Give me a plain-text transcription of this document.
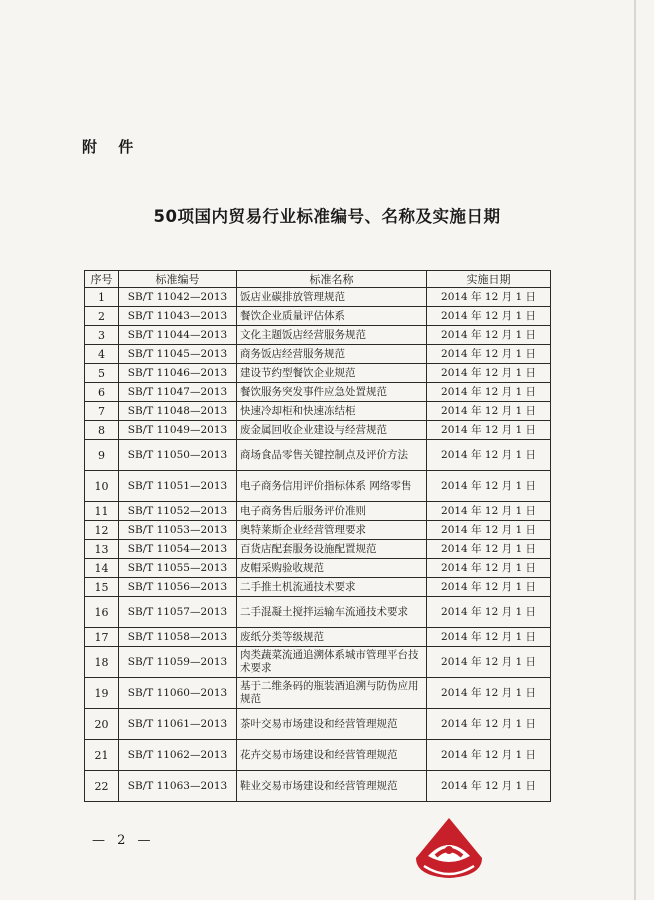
附 件
50项国内贸易行业标准编号、名称及实施日期
序号	标准编号	标准名称	实施日期
1	SB/T 11042—2013	饭店业碳排放管理规范	2014 年 12 月 1 日
2	SB/T 11043—2013	餐饮企业质量评估体系	2014 年 12 月 1 日
3	SB/T 11044—2013	文化主题饭店经营服务规范	2014 年 12 月 1 日
4	SB/T 11045—2013	商务饭店经营服务规范	2014 年 12 月 1 日
5	SB/T 11046—2013	建设节约型餐饮企业规范	2014 年 12 月 1 日
6	SB/T 11047—2013	餐饮服务突发事件应急处置规范	2014 年 12 月 1 日
7	SB/T 11048—2013	快速冷却柜和快速冻结柜	2014 年 12 月 1 日
8	SB/T 11049—2013	废金属回收企业建设与经营规范	2014 年 12 月 1 日
9	SB/T 11050—2013	商场食品零售关键控制点及评价方法	2014 年 12 月 1 日
10	SB/T 11051—2013	电子商务信用评价指标体系 网络零售	2014 年 12 月 1 日
11	SB/T 11052—2013	电子商务售后服务评价准则	2014 年 12 月 1 日
12	SB/T 11053—2013	奥特莱斯企业经营管理要求	2014 年 12 月 1 日
13	SB/T 11054—2013	百货店配套服务设施配置规范	2014 年 12 月 1 日
14	SB/T 11055—2013	皮帽采购验收规范	2014 年 12 月 1 日
15	SB/T 11056—2013	二手推土机流通技术要求	2014 年 12 月 1 日
16	SB/T 11057—2013	二手混凝土搅拌运输车流通技术要求	2014 年 12 月 1 日
17	SB/T 11058—2013	废纸分类等级规范	2014 年 12 月 1 日
18	SB/T 11059—2013	肉类蔬菜流通追溯体系城市管理平台技术要求	2014 年 12 月 1 日
19	SB/T 11060—2013	基于二维条码的瓶装酒追溯与防伪应用规范	2014 年 12 月 1 日
20	SB/T 11061—2013	茶叶交易市场建设和经营管理规范	2014 年 12 月 1 日
21	SB/T 11062—2013	花卉交易市场建设和经营管理规范	2014 年 12 月 1 日
22	SB/T 11063—2013	鞋业交易市场建设和经营管理规范	2014 年 12 月 1 日
— 2 —
